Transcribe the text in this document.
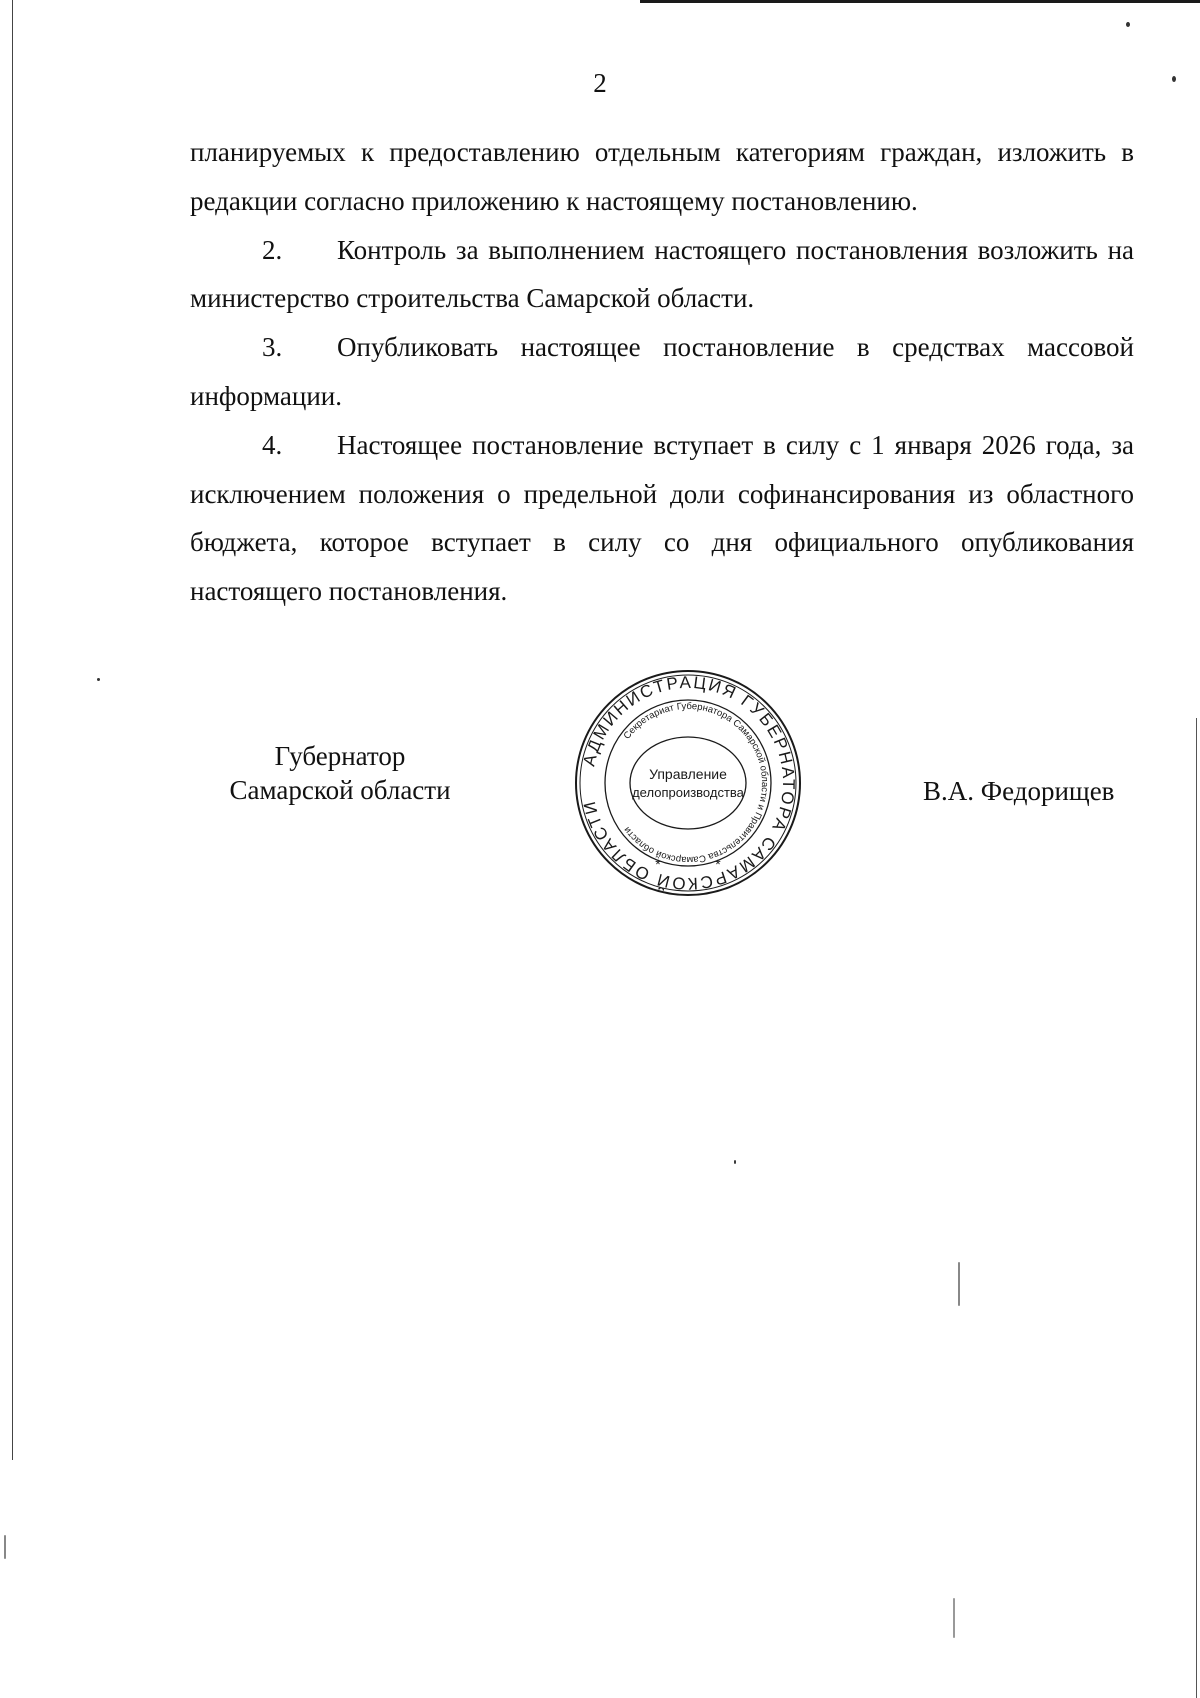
2

планируемых к предоставлению отдельным категориям граждан, изложить в редакции согласно приложению к настоящему постановлению.

2. Контроль за выполнением настоящего постановления возложить на министерство строительства Самарской области.

3. Опубликовать настоящее постановление в средствах массовой информации.

4. Настоящее постановление вступает в силу с 1 января 2026 года, за исключением положения о предельной доли софинансирования из областного бюджета, которое вступает в силу со дня официального опубликования настоящего постановления.

Губернатор
Самарской области	В.А. Федорищев
АДМИНИСТРАЦИЯ ГУБЕРНАТОРА САМАРСКОЙ ОБЛАСТИ
Секретариат Губернатора Самарской области и Правительства Самарской области
Управление
делопроизводства
*	*
